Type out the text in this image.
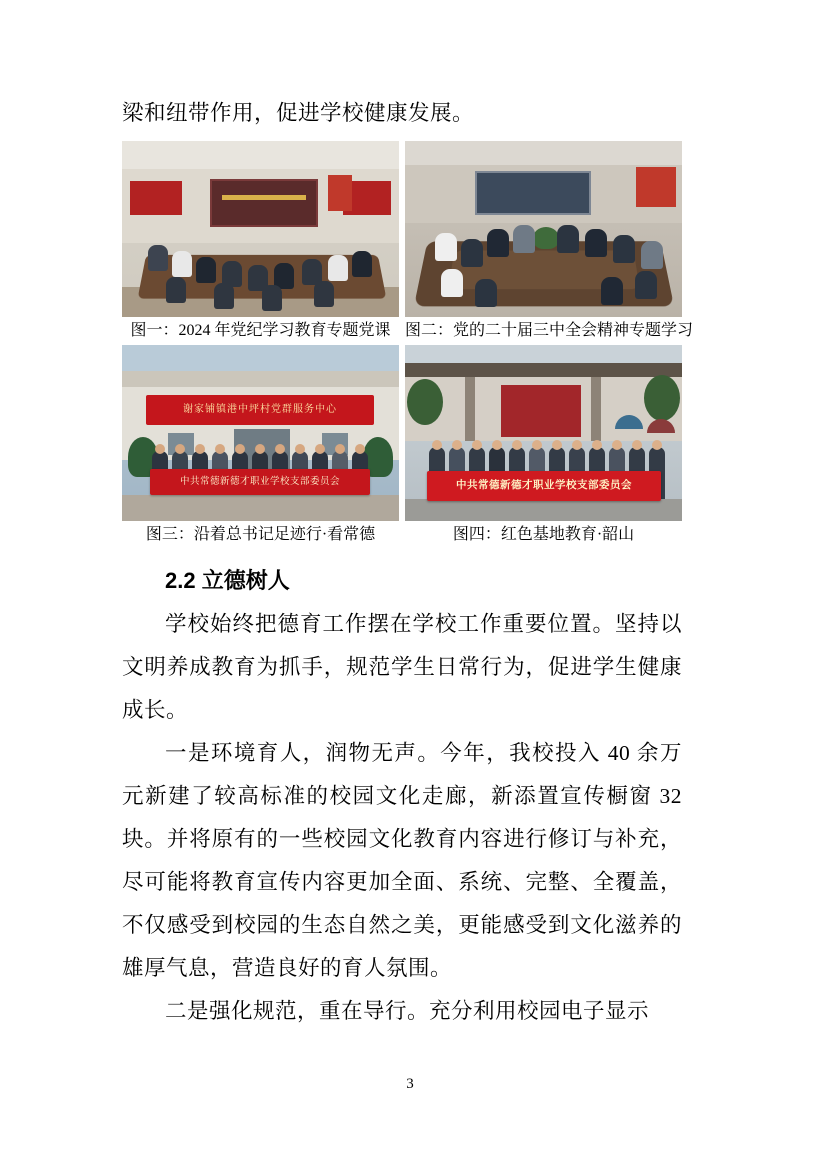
梁和纽带作用，促进学校健康发展。

图一：2024 年党纪学习教育专题党课 图二：党的二十届三中全会精神专题学习
谢家铺镇港中坪村党群服务中心
中共常德新德才职业学校支部委员会
图三：沿着总书记足迹行·看常德
中共常德新德才职业学校支部委员会
图四：红色基地教育·韶山
2.2 立德树人

学校始终把德育工作摆在学校工作重要位置。坚持以文明养成教育为抓手，规范学生日常行为，促进学生健康成长。

一是环境育人，润物无声。今年，我校投入 40 余万元新建了较高标准的校园文化走廊，新添置宣传橱窗 32 块。并将原有的一些校园文化教育内容进行修订与补充，尽可能将教育宣传内容更加全面、系统、完整、全覆盖，不仅感受到校园的生态自然之美，更能感受到文化滋养的雄厚气息，营造良好的育人氛围。

二是强化规范，重在导行。充分利用校园电子显示

3
